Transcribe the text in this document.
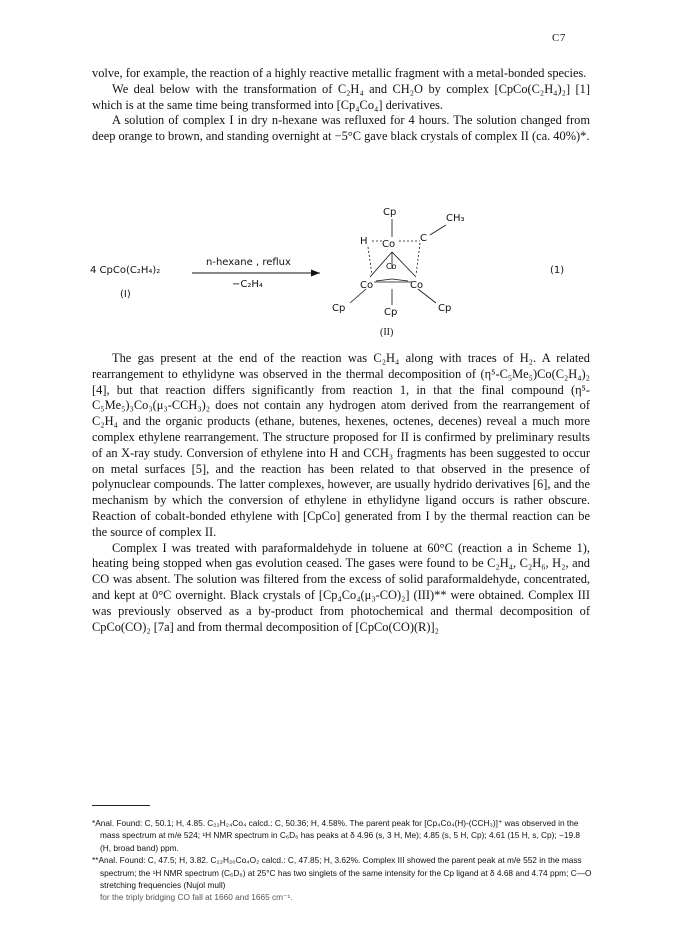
C7

volve, for example, the reaction of a highly reactive metallic fragment with a metal-bonded species.

We deal below with the transformation of C₂H₄ and CH₂O by complex [CpCo(C₂H₄)₂] [1] which is at the same time being transformed into [Cp₄Co₄] derivatives.

A solution of complex I in dry n-hexane was refluxed for 4 hours. The solution changed from deep orange to brown, and standing overnight at −5°C gave black crystals of complex II (ca. 40%)*.

4 CpCo(C₂H₄)₂
(I)
n-hexane , reflux
−C₂H₄
Cp
Co
CH₃
H	C
Co
Co	Co
Cp	Cp	Cp
(II)
(1)

The gas present at the end of the reaction was C₂H₄ along with traces of H₂. A related rearrangement to ethylidyne was observed in the thermal decomposition of (η⁵-C₅Me₅)Co(C₂H₄)₂ [4], but that reaction differs significantly from reaction 1, in that the final compound (η⁵-C₅Me₅)₃Co₃(μ₃-CCH₃)₂ does not contain any hydrogen atom derived from the rearrangement of C₂H₄ and the organic products (ethane, butenes, hexenes, octenes, decenes) reveal a much more complex ethylene rearrangement. The structure proposed for II is confirmed by preliminary results of an X-ray study. Conversion of ethylene into H and CCH₃ fragments has been suggested to occur on metal surfaces [5], and the reaction has been related to that observed in the presence of polynuclear compounds. The latter complexes, however, are usually hydrido derivatives [6], and the mechanism by which the conversion of ethylene in ethylidyne ligand occurs is rather obscure. Reaction of cobalt-bonded ethylene with [CpCo] generated from I by the thermal reaction can be the source of complex II.

Complex I was treated with paraformaldehyde in toluene at 60°C (reaction a in Scheme 1), heating being stopped when gas evolution ceased. The gases were found to be C₂H₄, C₂H₆, H₂, and CO was absent. The solution was filtered from the excess of solid paraformaldehyde, concentrated, and kept at 0°C overnight. Black crystals of [Cp₄Co₄(μ₃-CO)₂] (III)** were obtained. Complex III was previously observed as a by-product from photochemical and thermal decomposition of CpCo(CO)₂ [7a] and from thermal decomposition of [CpCo(CO)(R)]₂

*Anal. Found: C, 50.1; H, 4.85. C₂₂H₂₄Co₄ calcd.: C, 50.36; H, 4.58%. The parent peak for [Cp₄Co₄(H)-(CCH₃)]⁺ was observed in the mass spectrum at m/e 524; ¹H NMR spectrum in C₆D₆ has peaks at δ 4.96 (s, 3 H, Me); 4.85 (s, 5 H, Cp); 4.61 (15 H, s, Cp); −19.8 (H, broad band) ppm.

**Anal. Found: C, 47.5; H, 3.82. C₂₂H₂₀Co₄O₂ calcd.: C, 47.85; H, 3.62%. Complex III showed the parent peak at m/e 552 in the mass spectrum; the ¹H NMR spectrum (C₆D₆) at 25°C has two singlets of the same intensity for the Cp ligand at δ 4.68 and 4.74 ppm; C—O stretching frequencies (Nujol mull)

for the triply bridging CO fall at 1660 and 1665 cm⁻¹.
